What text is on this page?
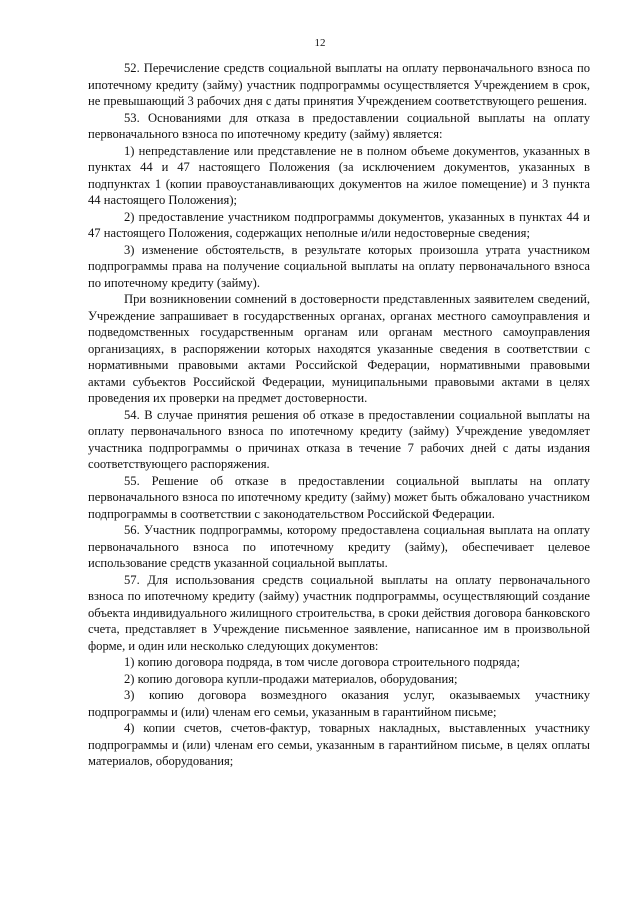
12

52. Перечисление средств социальной выплаты на оплату первоначального взноса по ипотечному кредиту (займу) участник подпрограммы осуществляется Учреждением в срок, не превышающий 3 рабочих дня с даты принятия Учреждением соответствующего решения.

53. Основаниями для отказа в предоставлении социальной выплаты на оплату первоначального взноса по ипотечному кредиту (займу) является:

1) непредставление или представление не в полном объеме документов, указанных в пунктах 44 и 47 настоящего Положения (за исключением документов, указанных в подпунктах 1 (копии правоустанавливающих документов на жилое помещение) и 3 пункта 44 настоящего Положения);

2) предоставление участником подпрограммы документов, указанных в пунктах 44 и 47 настоящего Положения, содержащих неполные и/или недостоверные сведения;

3) изменение обстоятельств, в результате которых произошла утрата участником подпрограммы права на получение социальной выплаты на оплату первоначального взноса по ипотечному кредиту (займу).

При возникновении сомнений в достоверности представленных заявителем сведений, Учреждение запрашивает в государственных органах, органах местного самоуправления и подведомственных государственным органам или органам местного самоуправления организациях, в распоряжении которых находятся указанные сведения в соответствии с нормативными правовыми актами Российской Федерации, нормативными правовыми актами субъектов Российской Федерации, муниципальными правовыми актами в целях проведения их проверки на предмет достоверности.

54. В случае принятия решения об отказе в предоставлении социальной выплаты на оплату первоначального взноса по ипотечному кредиту (займу) Учреждение уведомляет участника подпрограммы о причинах отказа в течение 7 рабочих дней с даты издания соответствующего распоряжения.

55. Решение об отказе в предоставлении социальной выплаты на оплату первоначального взноса по ипотечному кредиту (займу) может быть обжаловано участником подпрограммы в соответствии с законодательством Российской Федерации.

56. Участник подпрограммы, которому предоставлена социальная выплата на оплату первоначального взноса по ипотечному кредиту (займу), обеспечивает целевое использование средств указанной социальной выплаты.

57. Для использования средств социальной выплаты на оплату первоначального взноса по ипотечному кредиту (займу) участник подпрограммы, осуществляющий создание объекта индивидуального жилищного строительства, в сроки действия договора банковского счета, представляет в Учреждение письменное заявление, написанное им в произвольной форме, и один или несколько следующих документов:

1) копию договора подряда, в том числе договора строительного подряда;

2) копию договора купли-продажи материалов, оборудования;

3) копию договора возмездного оказания услуг, оказываемых участнику подпрограммы и (или) членам его семьи, указанным в гарантийном письме;

4) копии счетов, счетов-фактур, товарных накладных, выставленных участнику подпрограммы и (или) членам его семьи, указанным в гарантийном письме, в целях оплаты материалов, оборудования;
